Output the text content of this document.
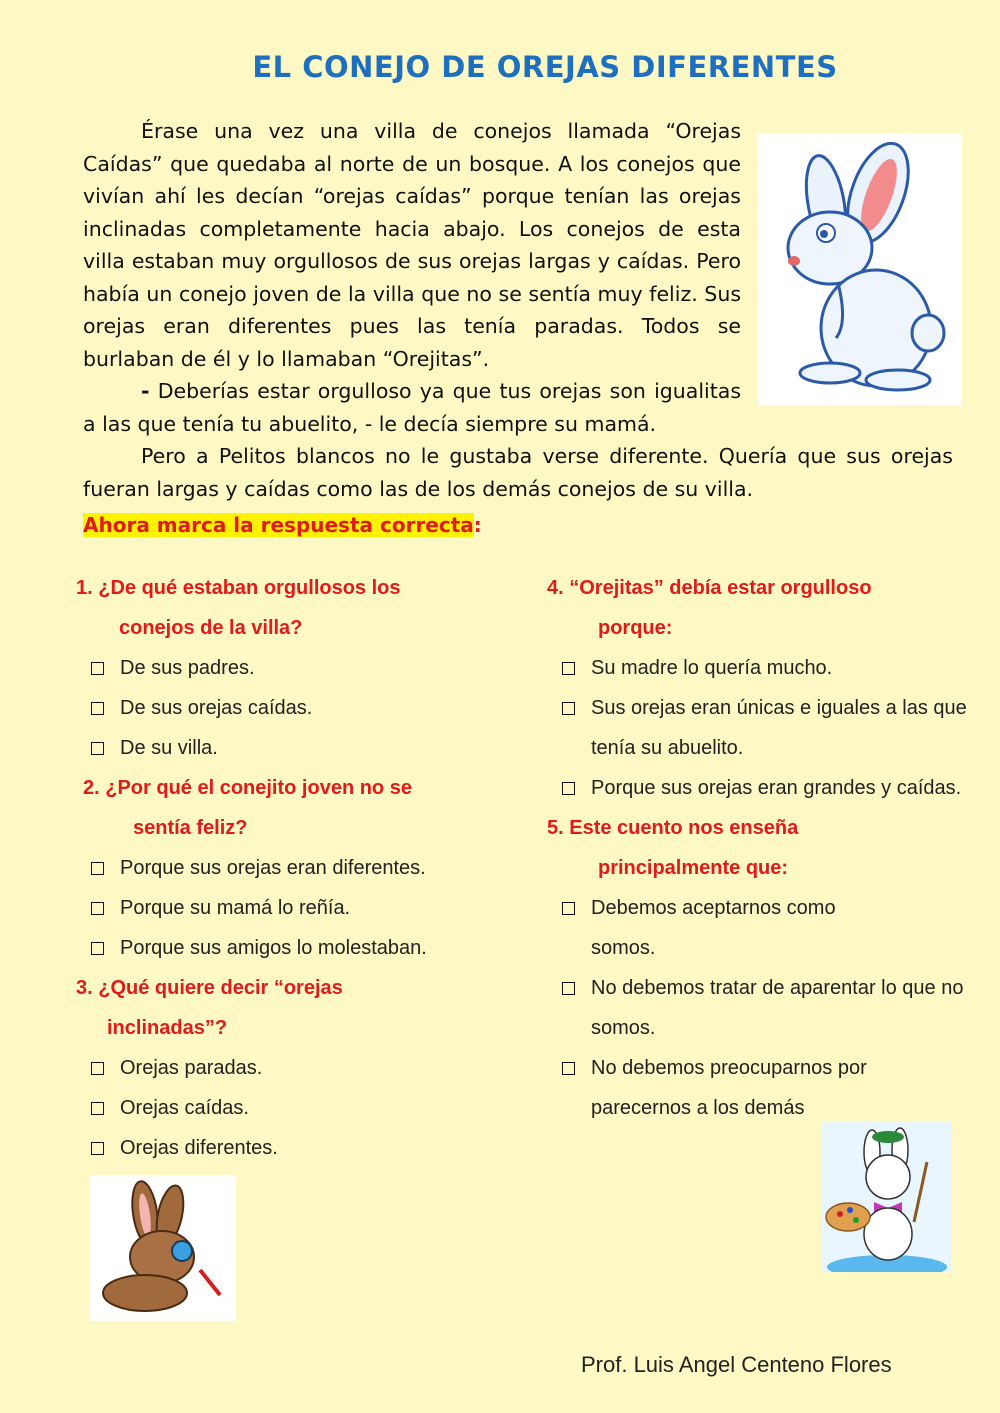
EL CONEJO DE OREJAS DIFERENTES

Érase una vez una villa de conejos llamada “Orejas Caídas” que quedaba al norte de un bosque. A los conejos que vivían ahí les decían “orejas caídas” porque tenían las orejas inclinadas completamente hacia abajo. Los conejos de esta villa estaban muy orgullosos de sus orejas largas y caídas. Pero había un conejo joven de la villa que no se sentía muy feliz. Sus orejas eran diferentes pues las tenía paradas. Todos se burlaban de él y lo llamaban “Orejitas”.

- Deberías estar orgulloso ya que tus orejas son igualitas a las que tenía tu abuelito, - le decía siempre su mamá.

Pero a Pelitos blancos no le gustaba verse diferente. Quería que sus orejas fueran largas y caídas como las de los demás conejos de su villa.

Ahora marca la respuesta correcta:
1. ¿De qué estaban orgullosos los
conejos de la villa?
De sus padres.
De sus orejas caídas.
De su villa.
2. ¿Por qué el conejito joven no se
sentía feliz?
Porque sus orejas eran diferentes.
Porque su mamá lo reñía.
Porque sus amigos lo molestaban.
3. ¿Qué quiere decir “orejas
inclinadas”?
Orejas paradas.
Orejas caídas.
Orejas diferentes.
4. “Orejitas” debía estar orgulloso
porque:
Su madre lo quería mucho.
Sus orejas eran únicas e iguales a las que tenía su abuelito.
Porque sus orejas eran grandes y caídas.
5. Este cuento nos enseña
principalmente que:
Debemos aceptarnos como somos.
No debemos tratar de aparentar lo que no somos.
No debemos preocuparnos por parecernos a los demás
Prof. Luis Angel Centeno Flores
